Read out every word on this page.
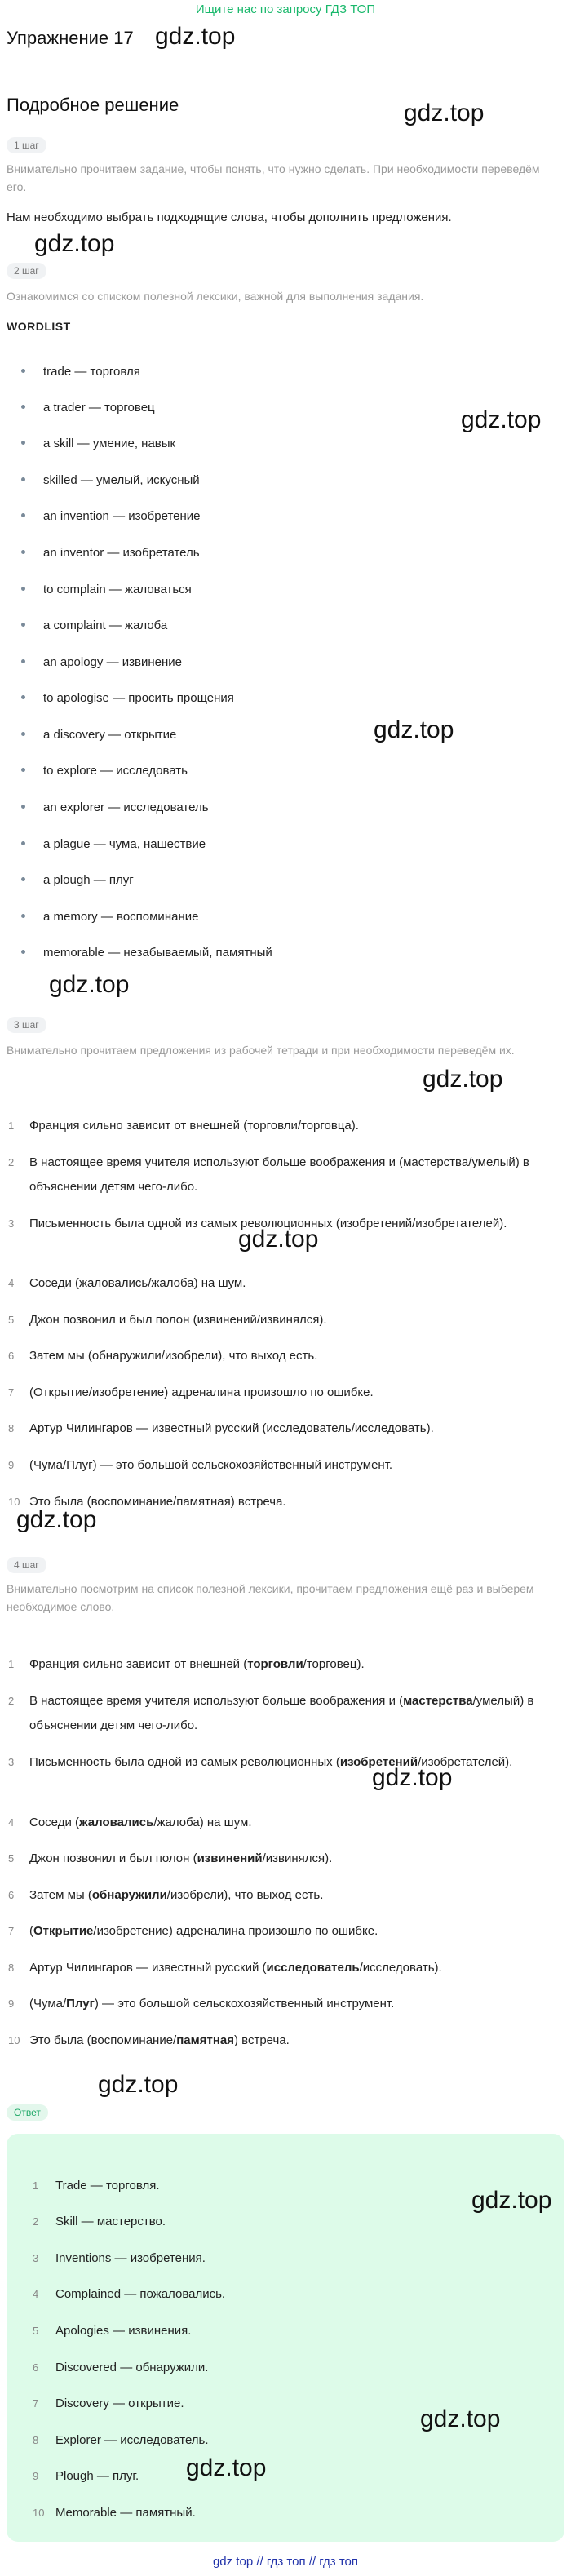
Ищите нас по запросу ГДЗ ТОП
Упражнение 17 gdz.top
Подробное решение	gdz.top
1 шаг
Внимательно прочитаем задание, чтобы понять, что нужно сделать. При необходимости переведём его.
Нам необходимо выбрать подходящие слова, чтобы дополнить предложения.
gdz.top
2 шаг
Ознакомимся со списком полезной лексики, важной для выполнения задания.
WORDLIST
trade — торговля
a trader — торговец
a skill — умение, навык
skilled — умелый, искусный
an invention — изобретение
an inventor — изобретатель
to complain — жаловаться
a complaint — жалоба
an apology — извинение
to apologise — просить прощения
a discovery — открытие
to explore — исследовать
an explorer — исследователь
a plague — чума, нашествие
a plough — плуг
a memory — воспоминание
memorable — незабываемый, памятный
gdz.top
gdz.top
gdz.top
3 шаг
Внимательно прочитаем предложения из рабочей тетради и при необходимости переведём их.
gdz.top
1 Франция сильно зависит от внешней (торговли/торговца).
2 В настоящее время учителя используют больше воображения и (мастерства/умелый) в объяснении детям чего-либо.
3 Письменность была одной из самых революционных (изобретений/изобретателей).
4 Соседи (жаловались/жалоба) на шум.
5 Джон позвонил и был полон (извинений/извинялся).
6 Затем мы (обнаружили/изобрели), что выход есть.
7 (Открытие/изобретение) адреналина произошло по ошибке.
8 Артур Чилингаров — известный русский (исследователь/исследовать).
9 (Чума/Плуг) — это большой сельскохозяйственный инструмент.
10 Это была (воспоминание/памятная) встреча.
gdz.top
gdz.top
4 шаг
Внимательно посмотрим на список полезной лексики, прочитаем предложения ещё раз и выберем необходимое слово.
1 Франция сильно зависит от внешней (торговли/торговец).
2 В настоящее время учителя используют больше воображения и (мастерства/умелый) в объяснении детям чего-либо.
3 Письменность была одной из самых революционных (изобретений/изобретателей).
4 Соседи (жаловались/жалоба) на шум.
5 Джон позвонил и был полон (извинений/извинялся).
6 Затем мы (обнаружили/изобрели), что выход есть.
7 (Открытие/изобретение) адреналина произошло по ошибке.
8 Артур Чилингаров — известный русский (исследователь/исследовать).
9 (Чума/Плуг) — это большой сельскохозяйственный инструмент.
10 Это была (воспоминание/памятная) встреча.
gdz.top
gdz.top
Ответ
1 Trade — торговля.
2 Skill — мастерство.
3 Inventions — изобретения.
4 Complained — пожаловались.
5 Apologies — извинения.
6 Discovered — обнаружили.
7 Discovery — открытие.
8 Explorer — исследователь.
9 Plough — плуг.
10 Memorable — памятный.
gdz.top
gdz.top
gdz.top
gdz top // гдз топ // гдз топ
